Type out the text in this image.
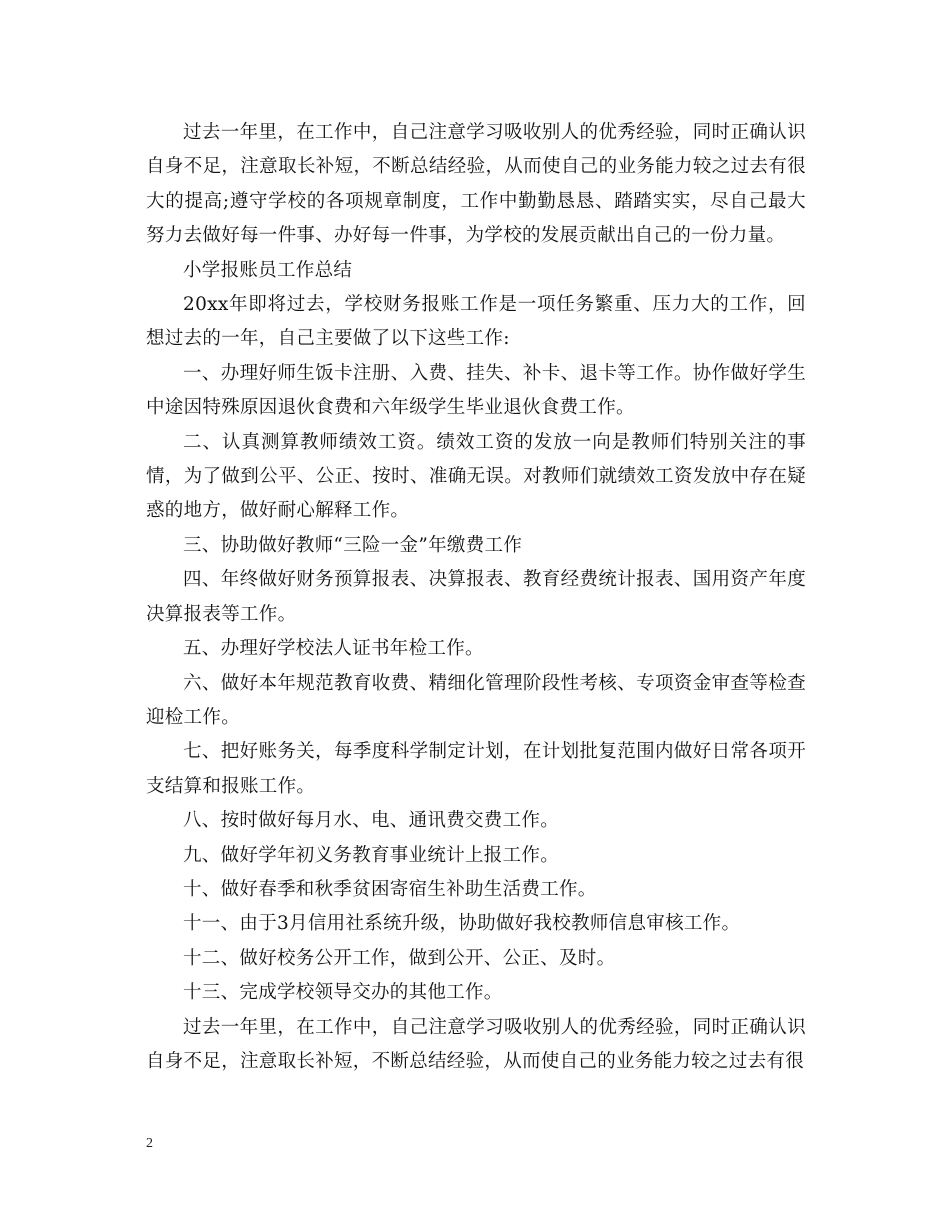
过去一年里，在工作中，自己注意学习吸收别人的优秀经验，同时正确认识自身不足，注意取长补短，不断总结经验，从而使自己的业务能力较之过去有很大的提高;遵守学校的各项规章制度，工作中勤勤恳恳、踏踏实实，尽自己最大努力去做好每一件事、办好每一件事，为学校的发展贡献出自己的一份力量。

小学报账员工作总结

20xx年即将过去，学校财务报账工作是一项任务繁重、压力大的工作，回想过去的一年，自己主要做了以下这些工作:

一、办理好师生饭卡注册、入费、挂失、补卡、退卡等工作。协作做好学生中途因特殊原因退伙食费和六年级学生毕业退伙食费工作。

二、认真测算教师绩效工资。绩效工资的发放一向是教师们特别关注的事情，为了做到公平、公正、按时、准确无误。对教师们就绩效工资发放中存在疑惑的地方，做好耐心解释工作。

三、协助做好教师“三险一金”年缴费工作

四、年终做好财务预算报表、决算报表、教育经费统计报表、国用资产年度决算报表等工作。

五、办理好学校法人证书年检工作。

六、做好本年规范教育收费、精细化管理阶段性考核、专项资金审查等检查迎检工作。

七、把好账务关，每季度科学制定计划，在计划批复范围内做好日常各项开支结算和报账工作。

八、按时做好每月水、电、通讯费交费工作。

九、做好学年初义务教育事业统计上报工作。

十、做好春季和秋季贫困寄宿生补助生活费工作。

十一、由于3月信用社系统升级，协助做好我校教师信息审核工作。

十二、做好校务公开工作，做到公开、公正、及时。

十三、完成学校领导交办的其他工作。

过去一年里，在工作中，自己注意学习吸收别人的优秀经验，同时正确认识自身不足，注意取长补短，不断总结经验，从而使自己的业务能力较之过去有很

2
